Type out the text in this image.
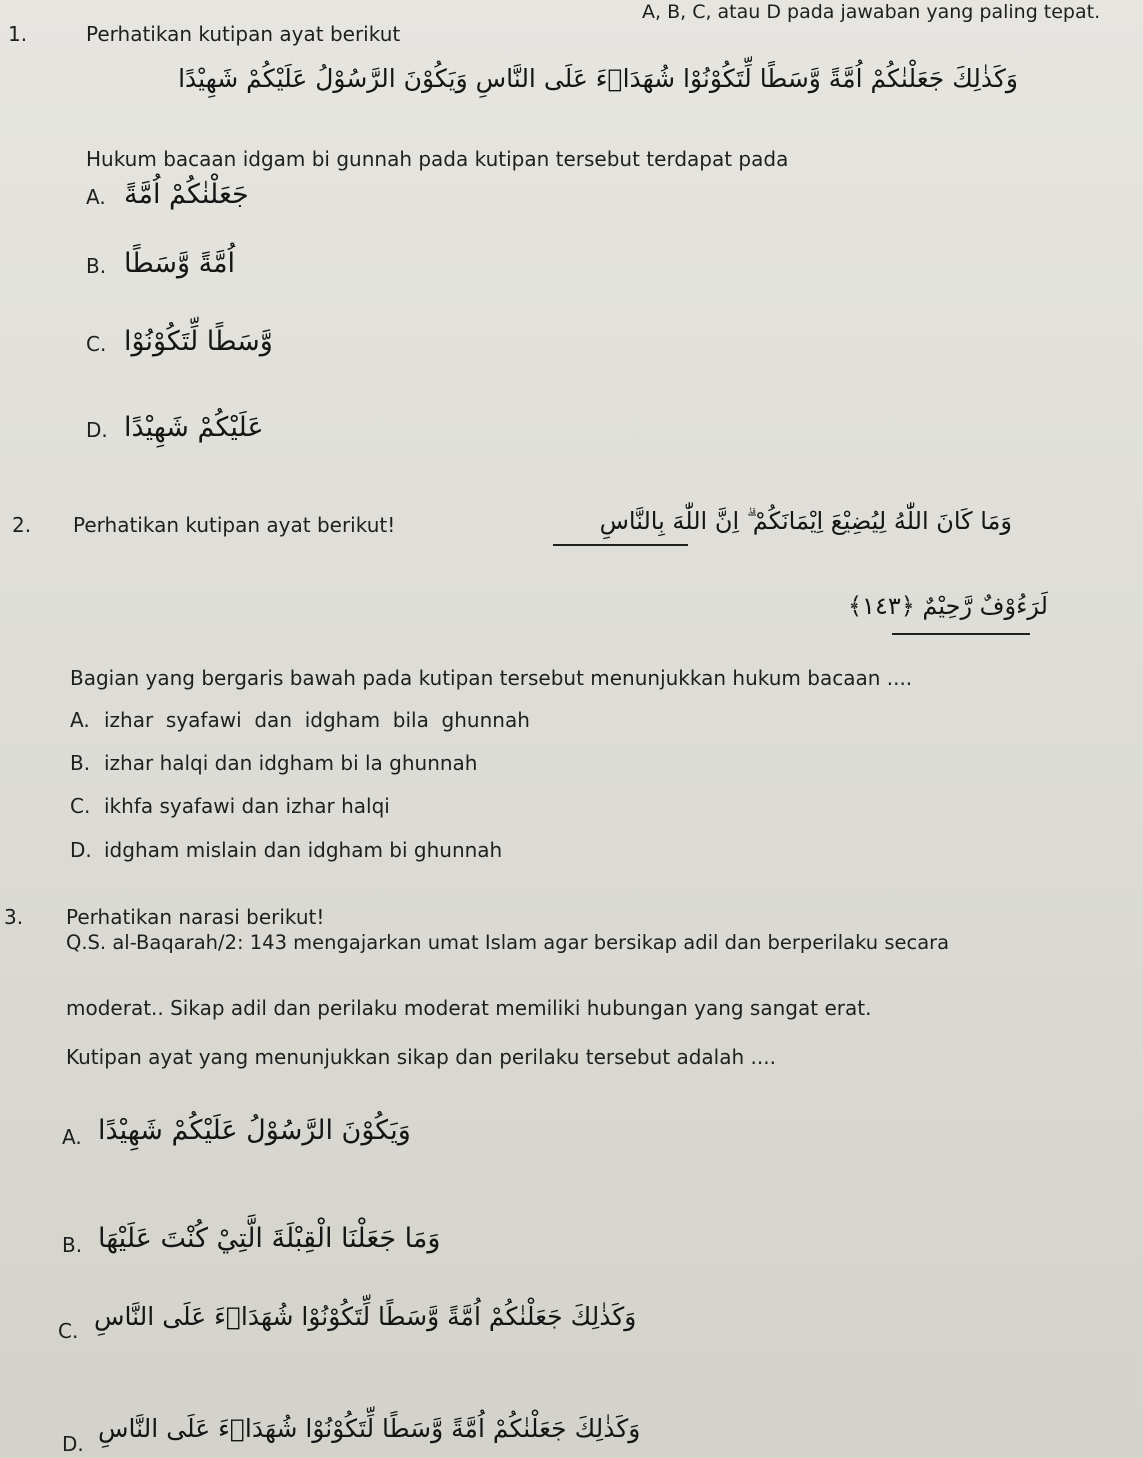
A, B, C, atau D pada jawaban yang paling tepat.
1.	Perhatikan kutipan ayat berikut
وَكَذٰلِكَ جَعَلْنٰكُمْ اُمَّةً وَّسَطًا لِّتَكُوْنُوْا شُهَدَاۤءَ عَلَى النَّاسِ وَيَكُوْنَ الرَّسُوْلُ عَلَيْكُمْ شَهِيْدًا
Hukum bacaan idgam bi gunnah pada kutipan tersebut terdapat pada
A. جَعَلْنٰكُمْ اُمَّةً
B. اُمَّةً وَّسَطًا
C. وَّسَطًا لِّتَكُوْنُوْا
D. عَلَيْكُمْ شَهِيْدًا
2. Perhatikan kutipan ayat berikut!	وَمَا كَانَ اللّٰهُ لِيُضِيْعَ اِيْمَانَكُمْ ۗ اِنَّ اللّٰهَ بِالنَّاسِ
لَرَءُوْفٌ رَّحِيْمٌ ﴿١٤٣﴾
Bagian yang bergaris bawah pada kutipan tersebut menunjukkan hukum bacaan ....
A. izhar  syafawi  dan  idgham  bila  ghunnah
B. izhar halqi dan idgham bi la ghunnah
C. ikhfa syafawi dan izhar halqi
D. idgham mislain dan idgham bi ghunnah
3. Perhatikan narasi berikut!
Q.S. al-Baqarah/2: 143 mengajarkan umat Islam agar bersikap adil dan berperilaku secara
moderat.. Sikap adil dan perilaku moderat memiliki hubungan yang sangat erat.
Kutipan ayat yang menunjukkan sikap dan perilaku tersebut adalah ....
A. وَيَكُوْنَ الرَّسُوْلُ عَلَيْكُمْ شَهِيْدًا
B. وَمَا جَعَلْنَا الْقِبْلَةَ الَّتِيْ كُنْتَ عَلَيْهَا
C. وَكَذٰلِكَ جَعَلْنٰكُمْ اُمَّةً وَّسَطًا لِّتَكُوْنُوْا شُهَدَاۤءَ عَلَى النَّاسِ
D.
وَكَذٰلِكَ جَعَلْنٰكُمْ اُمَّةً وَّسَطًا لِّتَكُوْنُوْا شُهَدَاۤءَ عَلَى النَّاسِ
